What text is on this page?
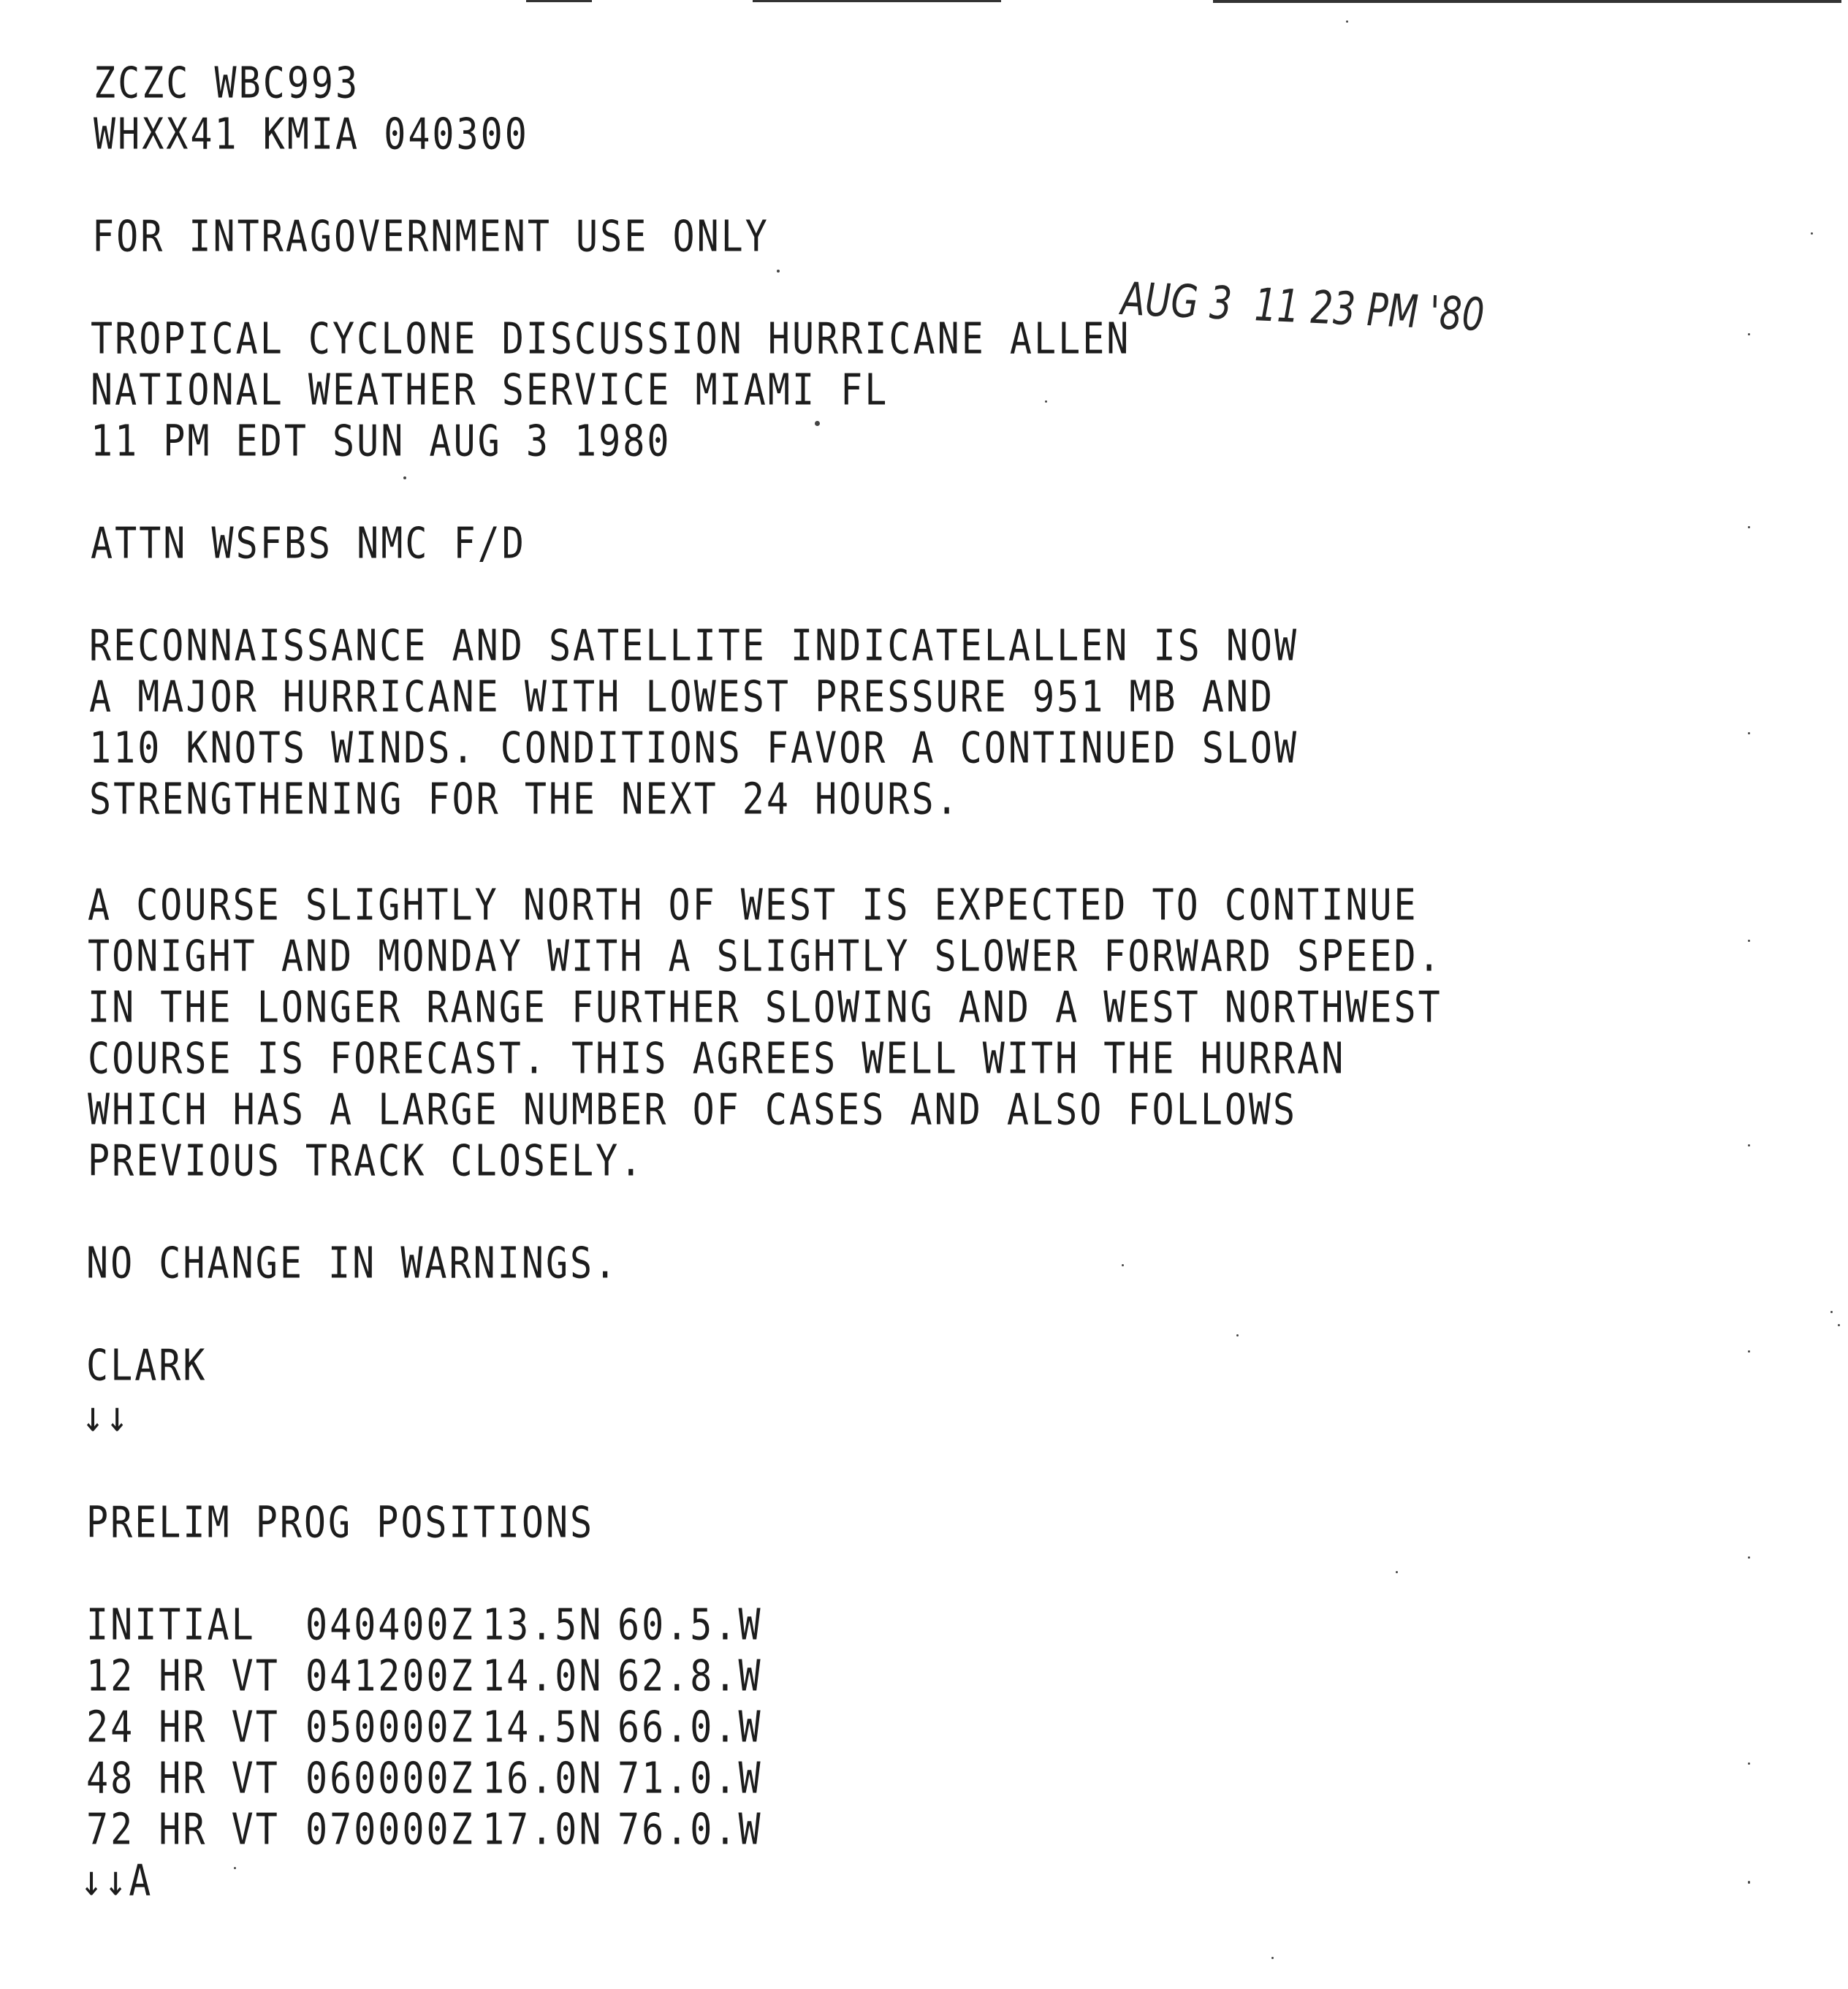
ZCZC WBC993
WHXX41 KMIA 040300
FOR INTRAGOVERNMENT USE ONLY
AUG 3  11 23 PM '80
TROPICAL CYCLONE DISCUSSION HURRICANE ALLEN
NATIONAL WEATHER SERVICE MIAMI FL
11 PM EDT SUN AUG 3 1980
ATTN WSFBS NMC F/D
RECONNAISSANCE AND SATELLITE INDICATELALLEN IS NOW
A MAJOR HURRICANE WITH LOWEST PRESSURE 951 MB AND
110 KNOTS WINDS. CONDITIONS FAVOR A CONTINUED SLOW
STRENGTHENING FOR THE NEXT 24 HOURS.
A COURSE SLIGHTLY NORTH OF WEST IS EXPECTED TO CONTINUE
TONIGHT AND MONDAY WITH A SLIGHTLY SLOWER FORWARD SPEED.
IN THE LONGER RANGE FURTHER SLOWING AND A WEST NORTHWEST
COURSE IS FORECAST. THIS AGREES WELL WITH THE HURRAN
WHICH HAS A LARGE NUMBER OF CASES AND ALSO FOLLOWS
PREVIOUS TRACK CLOSELY.
NO CHANGE IN WARNINGS.
CLARK
↓↓
PRELIM PROG POSITIONS
INITIAL 040400Z 13.5N 60.5.W
12 HR VT 041200Z 14.0N 62.8.W
24 HR VT 050000Z 14.5N 66.0.W
48 HR VT 060000Z 16.0N 71.0.W
72 HR VT 070000Z 17.0N 76.0.W
↓↓A
